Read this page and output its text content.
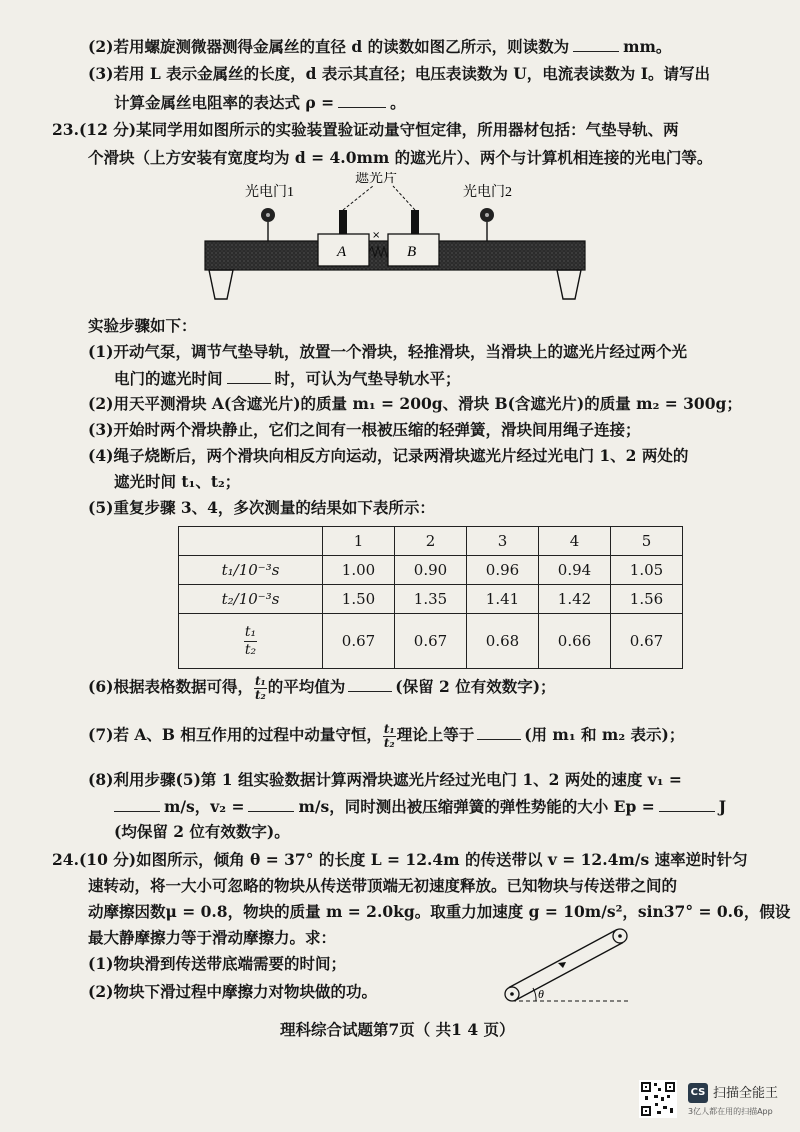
(2)若用螺旋测微器测得金属丝的直径 d 的读数如图乙所示，则读数为	mm。
(3)若用 L 表示金属丝的长度，d 表示其直径；电压表读数为 U，电流表读数为 I。请写出
计算金属丝电阻率的表达式 ρ =	。
23.(12 分)某同学用如图所示的实验装置验证动量守恒定律，所用器材包括：气垫导轨、两
个滑块（上方安装有宽度均为 d = 4.0mm 的遮光片）、两个与计算机相连接的光电门等。
×
光电门1
遮光片
光电门2
A	B
实验步骤如下：
(1)开动气泵，调节气垫导轨，放置一个滑块，轻推滑块，当滑块上的遮光片经过两个光
电门的遮光时间	时，可认为气垫导轨水平；
(2)用天平测滑块 A(含遮光片)的质量 m₁ = 200g、滑块 B(含遮光片)的质量 m₂ = 300g；
(3)开始时两个滑块静止，它们之间有一根被压缩的轻弹簧，滑块间用绳子连接；
(4)绳子烧断后，两个滑块向相反方向运动，记录两滑块遮光片经过光电门 1、2 两处的
遮光时间 t₁、t₂；
(5)重复步骤 3、4，多次测量的结果如下表所示：
	1	2	3	4	5
t₁/10⁻³s	1.00	0.90	0.96	0.94	1.05
t₂/10⁻³s	1.50	1.35	1.41	1.42	1.56

$\frac{\text{t₁}}{\text{t₂}}$	0.67	0.67	0.68	0.66	0.67
(6)根据表格数据可得， $\frac{\text{t₁}}{\text{t₂}}$ 的平均值为	(保留 2 位有效数字)；
(7)若 A、B 相互作用的过程中动量守恒， $\frac{\text{t₁}}{\text{t₂}}$ 理论上等于	(用 m₁ 和 m₂ 表示)；
(8)利用步骤(5)第 1 组实验数据计算两滑块遮光片经过光电门 1、2 两处的速度 v₁ =
m/s，v₂ =	m/s，同时测出被压缩弹簧的弹性势能的大小 Ep =	J
(均保留 2 位有效数字)。
24.(10 分)如图所示，倾角 θ = 37° 的长度 L = 12.4m 的传送带以 v = 12.4m/s 速率逆时针匀
速转动，将一大小可忽略的物块从传送带顶端无初速度释放。已知物块与传送带之间的
动摩擦因数μ = 0.8，物块的质量 m = 2.0kg。取重力加速度 g = 10m/s²，sin37° = 0.6，假设
最大静摩擦力等于滑动摩擦力。求：
(1)物块滑到传送带底端需要的时间；
(2)物块下滑过程中摩擦力对物块做的功。	θ
理科综合试题第7页（ 共1 4 页）
CS 扫描全能王
3亿人都在用的扫描App
